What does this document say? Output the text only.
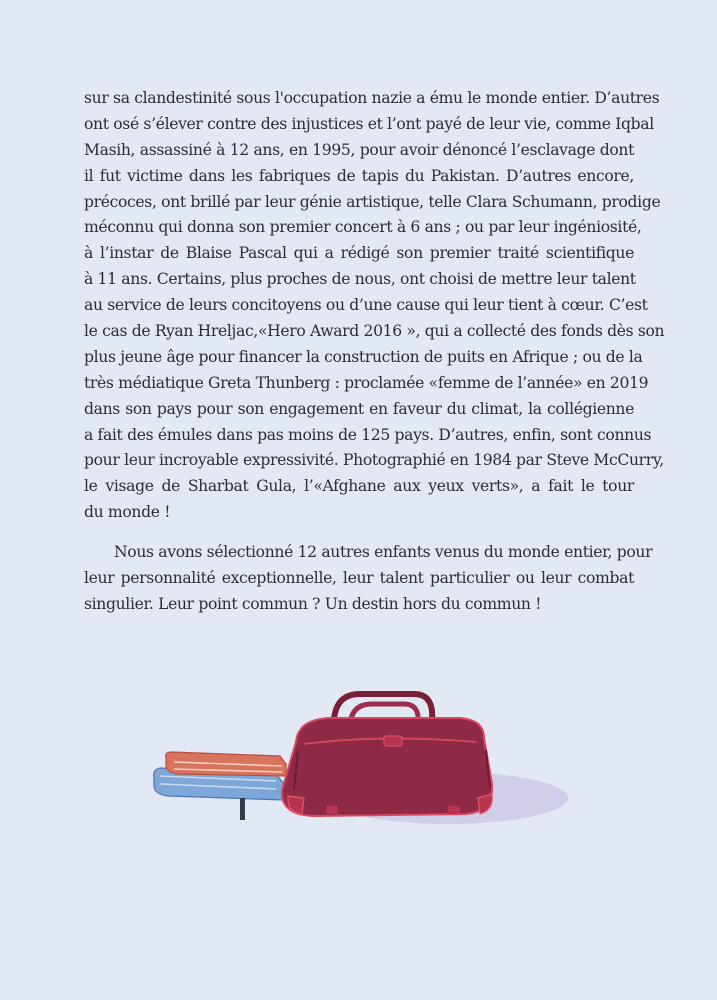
sur sa clandestinité sous l'occupation nazie a ému le monde entier. D’autres
ont osé s’élever contre des injustices et l’ont payé de leur vie, comme Iqbal
Masih, assassiné à 12 ans, en 1995, pour avoir dénoncé l’esclavage dont
il fut victime dans les fabriques de tapis du Pakistan. D’autres encore,
précoces, ont brillé par leur génie artistique, telle Clara Schumann, prodige
méconnu qui donna son premier concert à 6 ans ; ou par leur ingéniosité,
à l’instar de Blaise Pascal qui a rédigé son premier traité scientifique
à 11 ans. Certains, plus proches de nous, ont choisi de mettre leur talent
au service de leurs concitoyens ou d’une cause qui leur tient à cœur. C’est
le cas de Ryan Hreljac,«Hero Award 2016 », qui a collecté des fonds dès son
plus jeune âge pour financer la construction de puits en Afrique ; ou de la
très médiatique Greta Thunberg : proclamée «femme de l’année» en 2019
dans son pays pour son engagement en faveur du climat, la collégienne
a fait des émules dans pas moins de 125 pays. D’autres, enfin, sont connus
pour leur incroyable expressivité. Photographié en 1984 par Steve McCurry,
le visage de Sharbat Gula, l’«Afghane aux yeux verts», a fait le tour
du monde !
Nous avons sélectionné 12 autres enfants venus du monde entier, pour
leur personnalité exceptionnelle, leur talent particulier ou leur combat
singulier. Leur point commun ? Un destin hors du commun !
